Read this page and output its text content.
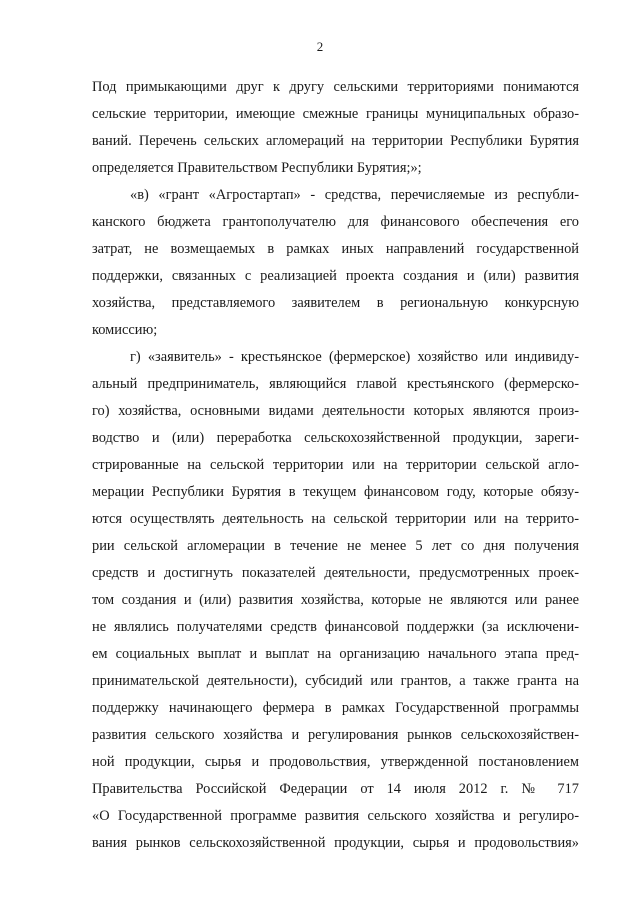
2
Под примыкающими друг к другу сельскими территориями понимаются
сельские территории, имеющие смежные границы муниципальных образо-
ваний. Перечень сельских агломераций на территории Республики Бурятия
определяется Правительством Республики Бурятия;»;
«в) «грант «Агростартап» - средства, перечисляемые из республи-
канского бюджета грантополучателю для финансового обеспечения его
затрат, не возмещаемых в рамках иных направлений государственной
поддержки, связанных с реализацией проекта создания и (или) развития
хозяйства, представляемого заявителем в региональную конкурсную
комиссию;
г) «заявитель» - крестьянское (фермерское) хозяйство или индивиду-
альный предприниматель, являющийся главой крестьянского (фермерско-
го) хозяйства, основными видами деятельности которых являются произ-
водство и (или) переработка сельскохозяйственной продукции, зареги-
стрированные на сельской территории или на территории сельской агло-
мерации Республики Бурятия в текущем финансовом году, которые обязу-
ются осуществлять деятельность на сельской территории или на террито-
рии сельской агломерации в течение не менее 5 лет со дня получения
средств и достигнуть показателей деятельности, предусмотренных проек-
том создания и (или) развития хозяйства, которые не являются или ранее
не являлись получателями средств финансовой поддержки (за исключени-
ем социальных выплат и выплат на организацию начального этапа пред-
принимательской деятельности), субсидий или грантов, а также гранта на
поддержку начинающего фермера в рамках Государственной программы
развития сельского хозяйства и регулирования рынков сельскохозяйствен-
ной продукции, сырья и продовольствия, утвержденной постановлением
Правительства Российской Федерации от 14 июля 2012 г. № 717
«О Государственной программе развития сельского хозяйства и регулиро-
вания рынков сельскохозяйственной продукции, сырья и продовольствия»
